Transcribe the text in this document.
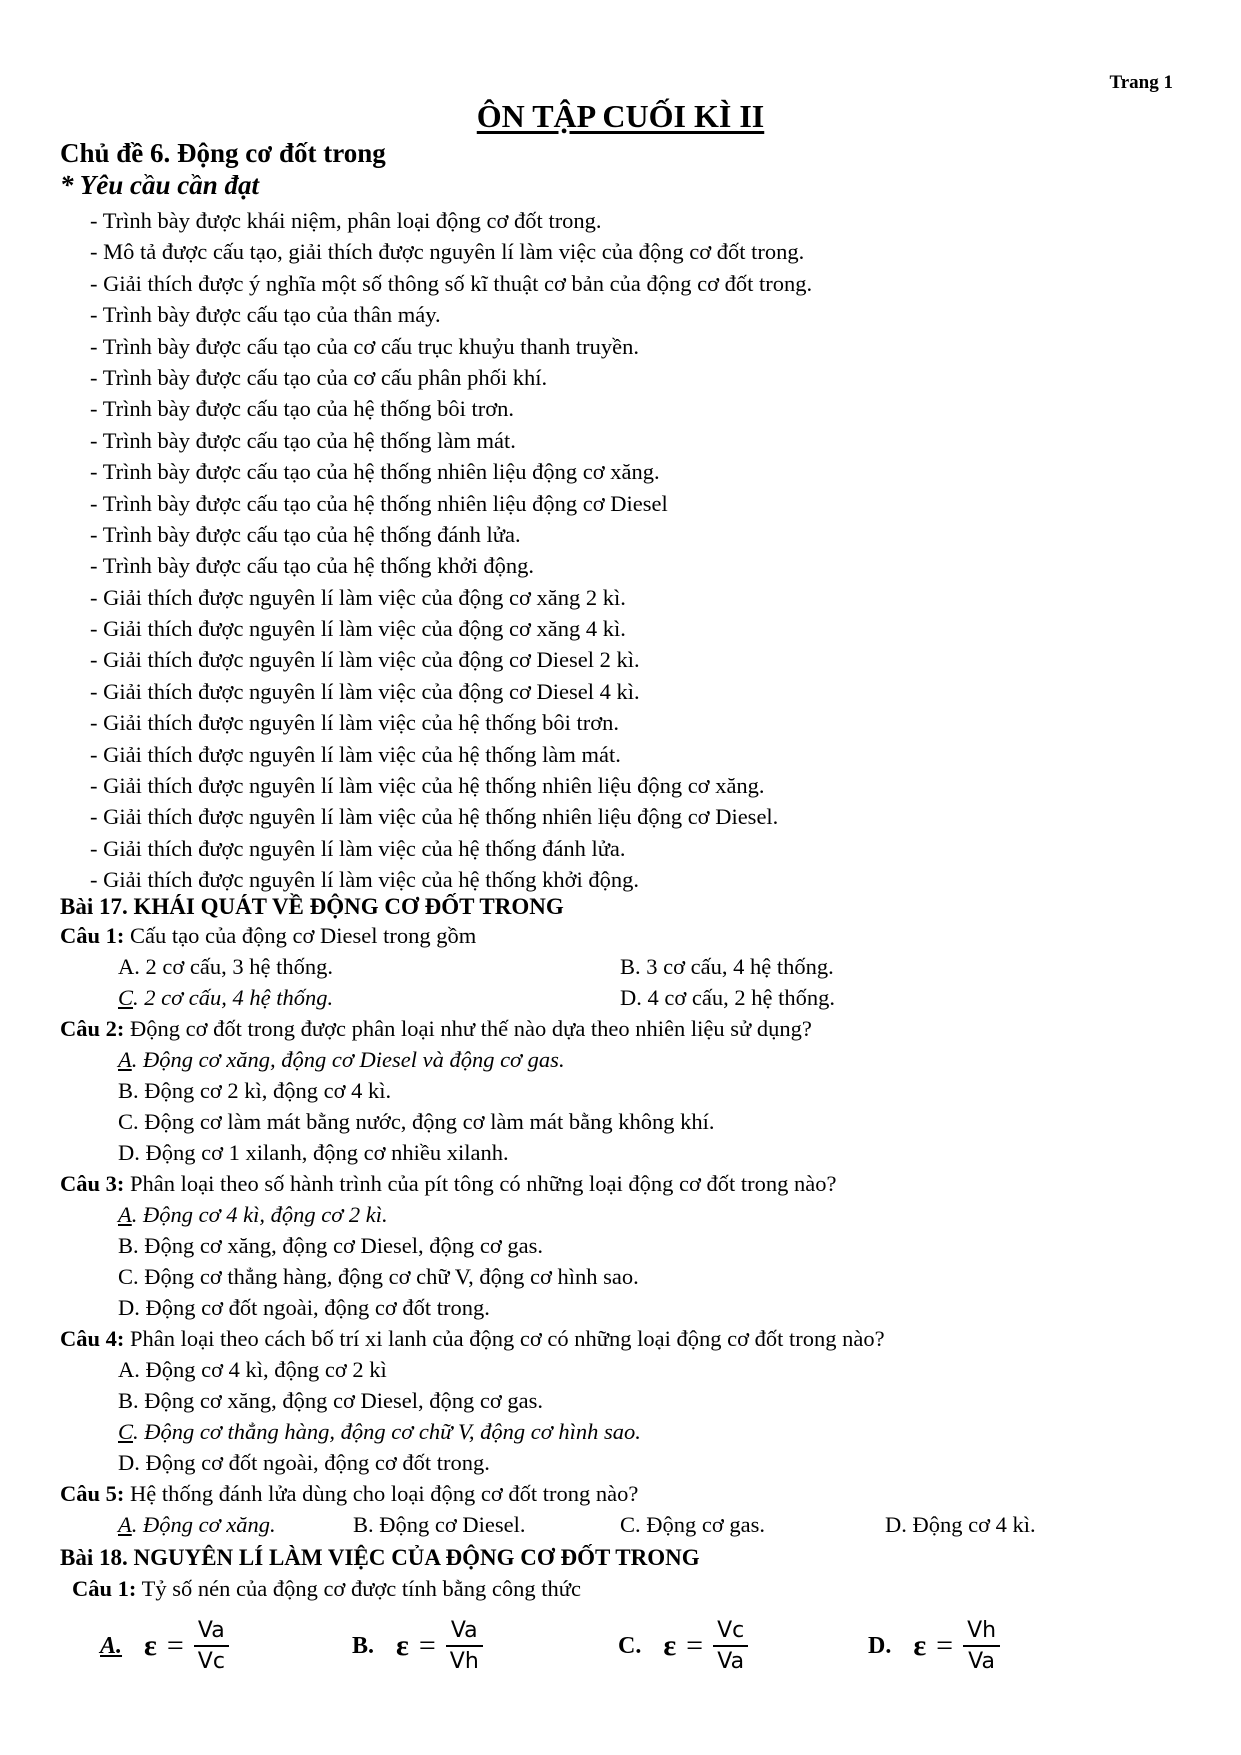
Trang 1
ÔN TẬP CUỐI KÌ II
Chủ đề 6. Động cơ đốt trong
* Yêu cầu cần đạt
- Trình bày được khái niệm, phân loại động cơ đốt trong.
- Mô tả được cấu tạo, giải thích được nguyên lí làm việc của động cơ đốt trong.
- Giải thích được ý nghĩa một số thông số kĩ thuật cơ bản của động cơ đốt trong.
- Trình bày được cấu tạo của thân máy.
- Trình bày được cấu tạo của cơ cấu trục khuỷu thanh truyền.
- Trình bày được cấu tạo của cơ cấu phân phối khí.
- Trình bày được cấu tạo của hệ thống bôi trơn.
- Trình bày được cấu tạo của hệ thống làm mát.
- Trình bày được cấu tạo của hệ thống nhiên liệu động cơ xăng.
- Trình bày được cấu tạo của hệ thống nhiên liệu động cơ Diesel
- Trình bày được cấu tạo của hệ thống đánh lửa.
- Trình bày được cấu tạo của hệ thống khởi động.
- Giải thích được nguyên lí làm việc của động cơ xăng 2 kì.
- Giải thích được nguyên lí làm việc của động cơ xăng 4 kì.
- Giải thích được nguyên lí làm việc của động cơ Diesel 2 kì.
- Giải thích được nguyên lí làm việc của động cơ Diesel 4 kì.
- Giải thích được nguyên lí làm việc của hệ thống bôi trơn.
- Giải thích được nguyên lí làm việc của hệ thống làm mát.
- Giải thích được nguyên lí làm việc của hệ thống nhiên liệu động cơ xăng.
- Giải thích được nguyên lí làm việc của hệ thống nhiên liệu động cơ Diesel.
- Giải thích được nguyên lí làm việc của hệ thống đánh lửa.
- Giải thích được nguyên lí làm việc của hệ thống khởi động.
Bài 17. KHÁI QUÁT VỀ ĐỘNG CƠ ĐỐT TRONG
Câu 1: Cấu tạo của động cơ Diesel trong gồm
A. 2 cơ cấu, 3 hệ thống.	B. 3 cơ cấu, 4 hệ thống.
C. 2 cơ cấu, 4 hệ thống.	D. 4 cơ cấu, 2 hệ thống.
Câu 2: Động cơ đốt trong được phân loại như thế nào dựa theo nhiên liệu sử dụng?
A. Động cơ xăng, động cơ Diesel và động cơ gas.
B. Động cơ 2 kì, động cơ 4 kì.
C. Động cơ làm mát bằng nước, động cơ làm mát bằng không khí.
D. Động cơ 1 xilanh, động cơ nhiều xilanh.
Câu 3: Phân loại theo số hành trình của pít tông có những loại động cơ đốt trong nào?
A. Động cơ 4 kì, động cơ 2 kì.
B. Động cơ xăng, động cơ Diesel, động cơ gas.
C. Động cơ thẳng hàng, động cơ chữ V, động cơ hình sao.
D. Động cơ đốt ngoài, động cơ đốt trong.
Câu 4: Phân loại theo cách bố trí xi lanh của động cơ có những loại động cơ đốt trong nào?
A. Động cơ 4 kì, động cơ 2 kì
B. Động cơ xăng, động cơ Diesel, động cơ gas.
C. Động cơ thẳng hàng, động cơ chữ V, động cơ hình sao.
D. Động cơ đốt ngoài, động cơ đốt trong.
Câu 5: Hệ thống đánh lửa dùng cho loại động cơ đốt trong nào?
A. Động cơ xăng.	B. Động cơ Diesel.	C. Động cơ gas.	D. Động cơ 4 kì.
Bài 18. NGUYÊN LÍ LÀM VIỆC CỦA ĐỘNG CƠ ĐỐT TRONG
Câu 1: Tỷ số nén của động cơ được tính bằng công thức
A. $\varepsilon = \frac{Va}{Vc}$	B. $\varepsilon = \frac{Va}{Vh}$	C. $\varepsilon = \frac{Vc}{Va}$	D. $\varepsilon = \frac{Vh}{Va}$
